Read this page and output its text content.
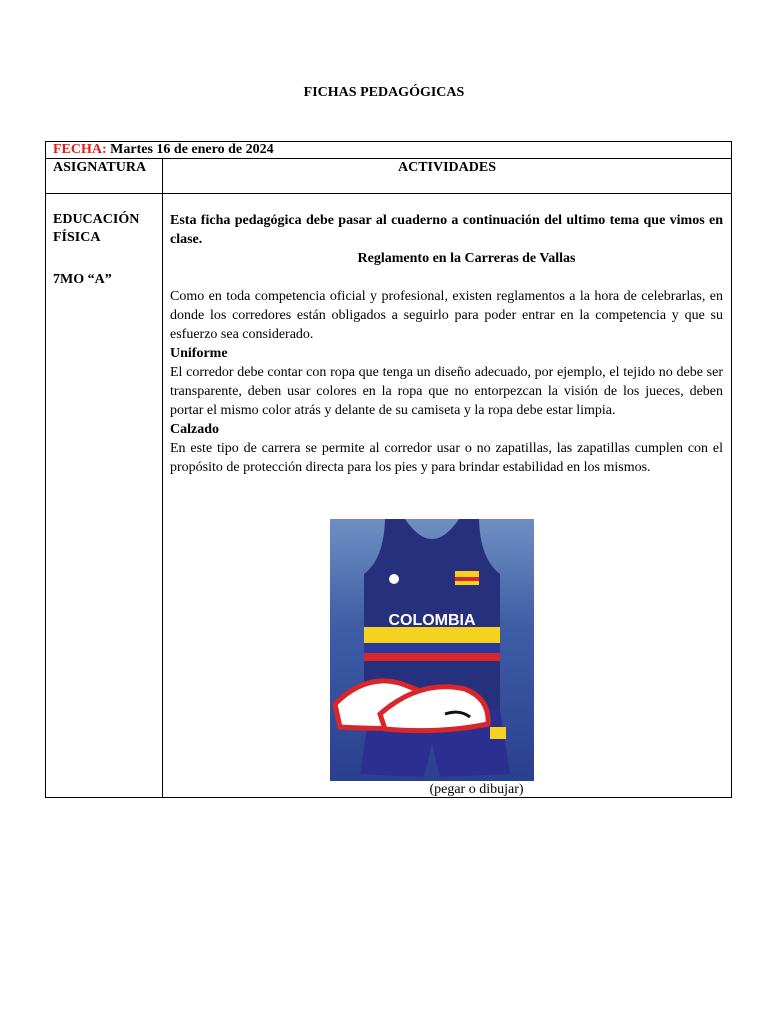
FICHAS PEDAGÓGICAS
FECHA: Martes 16 de enero de 2024
ASIGNATURA	ACTIVIDADES
EDUCACIÓN FÍSICA
7MO “A”

Esta ficha pedagógica debe pasar al cuaderno a continuación del ultimo tema que vimos en clase.

Reglamento en la Carreras de Vallas

Como en toda competencia oficial y profesional, existen reglamentos a la hora de celebrarlas, en donde los corredores están obligados a seguirlo para poder entrar en la competencia y que su esfuerzo sea considerado.

Uniforme

El corredor debe contar con ropa que tenga un diseño adecuado, por ejemplo, el tejido no debe ser transparente, deben usar colores en la ropa que no entorpezcan la visión de los jueces, deben portar el mismo color atrás y delante de su camiseta y la ropa debe estar limpia.

Calzado

En este tipo de carrera se permite al corredor usar o no zapatillas, las zapatillas cumplen con el propósito de protección directa para los pies y para brindar estabilidad en los mismos.

COLOMBIA
(pegar o dibujar)
